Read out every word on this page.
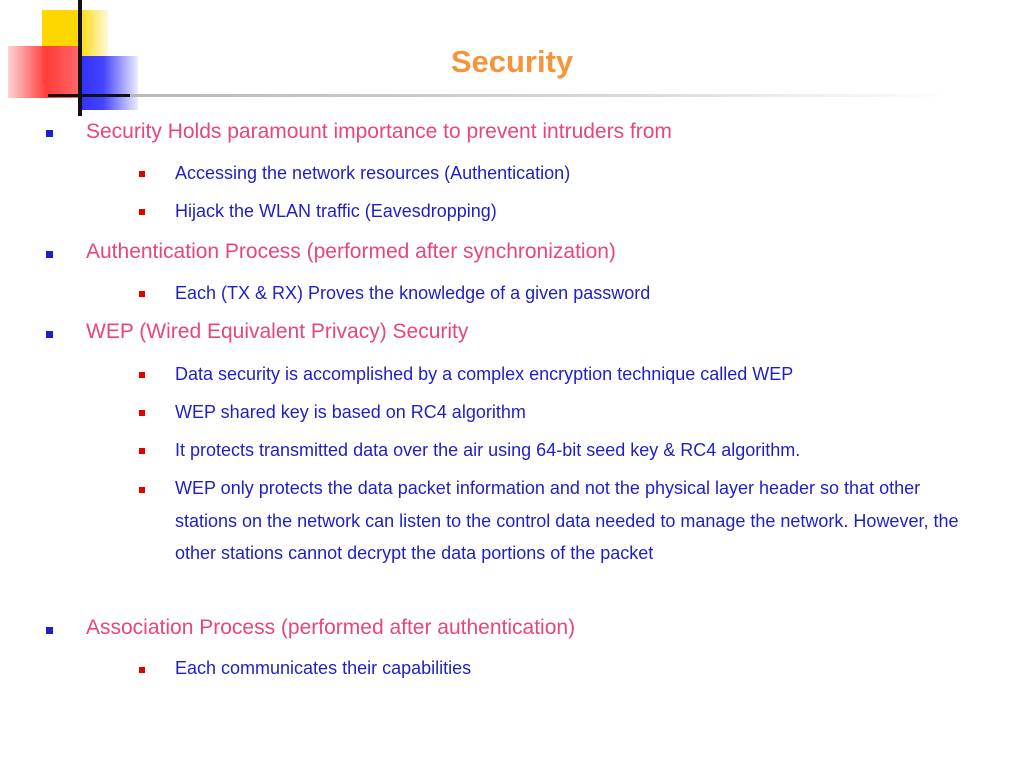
Security
Security Holds paramount importance to prevent intruders from
Accessing the network resources (Authentication)
Hijack the WLAN traffic (Eavesdropping)
Authentication Process (performed after synchronization)
Each (TX & RX) Proves the knowledge of a given password
WEP (Wired Equivalent Privacy) Security
Data security is accomplished by a complex encryption technique called WEP
WEP shared key is based on RC4 algorithm
It protects transmitted data over the air using 64-bit seed key & RC4 algorithm.
WEP only protects the data packet information and not the physical layer header so that other stations on the network can listen to the control data needed to manage the network. However, the other stations cannot decrypt the data portions of the packet
Association Process (performed after authentication)
Each communicates their capabilities
